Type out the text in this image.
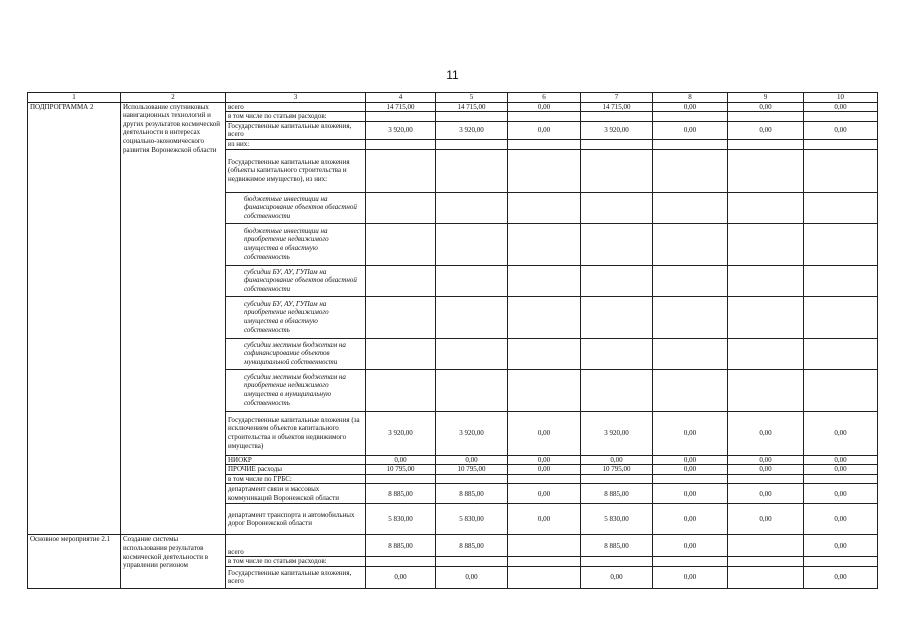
11
1	2	3	4	5	6	7	8	9	10
ПОДПРОГРАММА 2	Использование спутниковых навигационных технологий и других результатов космической деятельности в интересах социально-экономического развития Воронежской области	всего	14 715,00	14 715,00	0,00	14 715,00	0,00	0,00	0,00
		в том числе по статьям расходов:							
		Государственные капитальные вложения, всего	3 920,00	3 920,00	0,00	3 920,00	0,00	0,00	0,00
		из них:							
		Государственные капитальные вложения (объекты капитального строительства и недвижимое имущество), из них:							
		бюджетные инвестиции на финансирование объектов областной собственности							
		бюджетные инвестиции на приобретение недвижимого имущества в областную собственность							
		субсидии БУ, АУ, ГУПам на финансирование объектов областной собственности							
		субсидии БУ, АУ, ГУПам на приобретение недвижимого имущества в областную собственность							
		субсидии местным бюджетам на софинансирование объектов муниципальной собственности							
		субсидии местным бюджетам на приобретение недвижимого имущества в муниципальную собственность							
		Государственные капитальные вложения (за исключением объектов капитального строительства и объектов недвижимого имущества)	3 920,00	3 920,00	0,00	3 920,00	0,00	0,00	0,00
		НИОКР	0,00	0,00	0,00	0,00	0,00	0,00	0,00
		ПРОЧИЕ расходы	10 795,00	10 795,00	0,00	10 795,00	0,00	0,00	0,00
		в том числе по ГРБС:							
		департамент связи и массовых коммуникаций Воронежской области	8 885,00	8 885,00	0,00	8 885,00	0,00	0,00	0,00
		департамент транспорта и автомобильных дорог Воронежской области	5 830,00	5 830,00	0,00	5 830,00	0,00	0,00	0,00
Основное мероприятие 2.1	Создание системы использования результатов космической деятельности в управлении регионом	всего	8 885,00	8 885,00		8 885,00	0,00		0,00
		в том числе по статьям расходов:							
		Государственные капитальные вложения, всего	0,00	0,00		0,00	0,00		0,00
